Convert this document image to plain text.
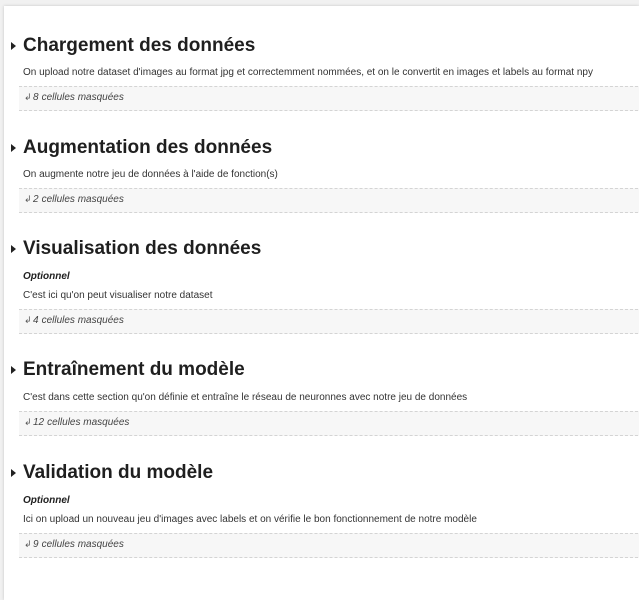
Chargement des données
On upload notre dataset d'images au format jpg et correctemment nommées, et on le convertit en images et labels au format npy
↲ 8 cellules masquées
Augmentation des données
On augmente notre jeu de données à l'aide de fonction(s)
↲ 2 cellules masquées
Visualisation des données
Optionnel
C'est ici qu'on peut visualiser notre dataset
↲ 4 cellules masquées
Entraînement du modèle
C'est dans cette section qu'on définie et entraîne le réseau de neuronnes avec notre jeu de données
↲ 12 cellules masquées
Validation du modèle
Optionnel
Ici on upload un nouveau jeu d'images avec labels et on vérifie le bon fonctionnement de notre modèle
↲ 9 cellules masquées
